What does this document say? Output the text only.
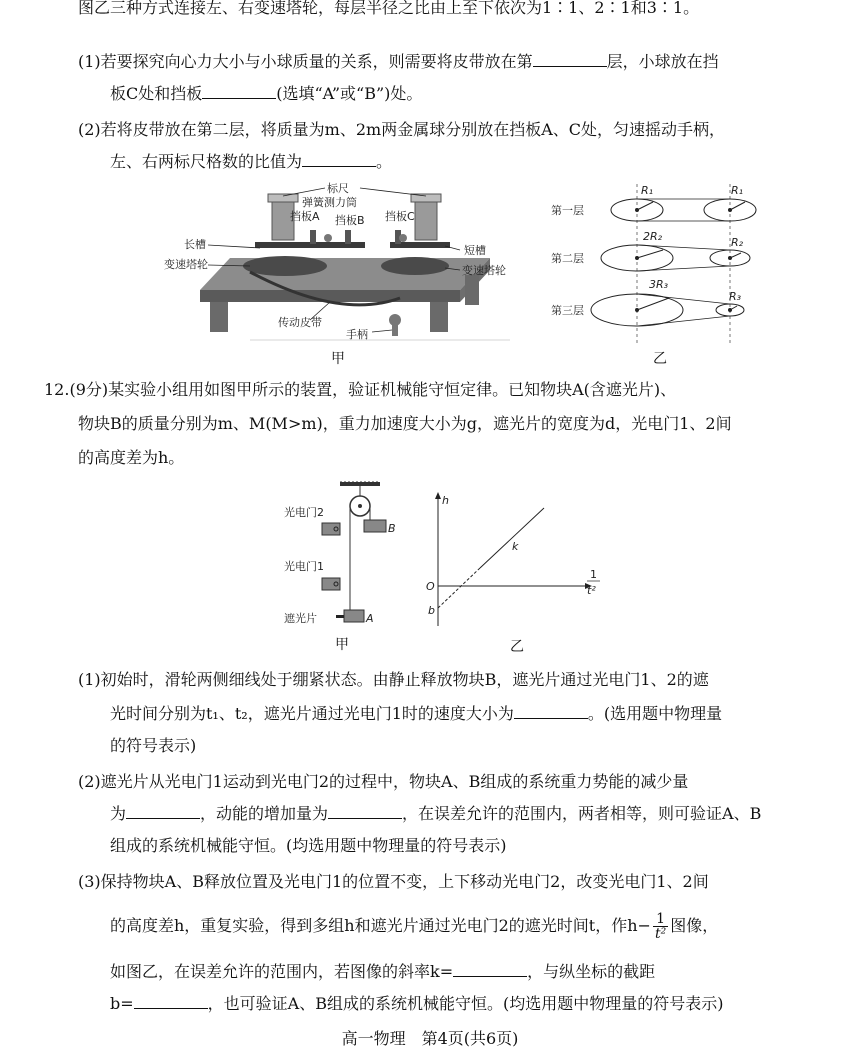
图乙三种方式连接左、右变速塔轮，每层半径之比由上至下依次为1∶1、2∶1和3∶1。
(1)若要探究向心力大小与小球质量的关系，则需要将皮带放在第	层，小球放在挡
板C处和挡板	(选填“A”或“B”)处。
(2)若将皮带放在第二层，将质量为m、2m两金属球分别放在挡板A、C处，匀速摇动手柄，
左、右两标尺格数的比值为	。
标尺
弹簧测力筒
挡板A 挡板B 挡板C
长槽	短槽
变速塔轮	变速塔轮
传动皮带
手柄
甲
第一层
第二层
第三层
R₁	R₁
2R₂	R₂
3R₃
R₃
乙
12.(9分)某实验小组用如图甲所示的装置，验证机械能守恒定律。已知物块A(含遮光片)、
物块B的质量分别为m、M(M>m)，重力加速度大小为g，遮光片的宽度为d，光电门1、2间
的高度差为h。
光电门2
光电门1
遮光片	A
B
甲
h
O
b
k
1
t²
乙
(1)初始时，滑轮两侧细线处于绷紧状态。由静止释放物块B，遮光片通过光电门1、2的遮
光时间分别为t₁、t₂，遮光片通过光电门1时的速度大小为	。(选用题中物理量
的符号表示)
(2)遮光片从光电门1运动到光电门2的过程中，物块A、B组成的系统重力势能的减少量
为	，动能的增加量为	，在误差允许的范围内，两者相等，则可验证A、B
组成的系统机械能守恒。(均选用题中物理量的符号表示)
(3)保持物块A、B释放位置及光电门1的位置不变，上下移动光电门2，改变光电门1、2间
的高度差h，重复实验，得到多组h和遮光片通过光电门2的遮光时间t，作$h- \frac{1}{\text{t²}}$ 图像，
如图乙，在误差允许的范围内，若图像的斜率k=	，与纵坐标的截距
b=	，也可验证A、B组成的系统机械能守恒。(均选用题中物理量的符号表示)
高一物理　第4页(共6页)
